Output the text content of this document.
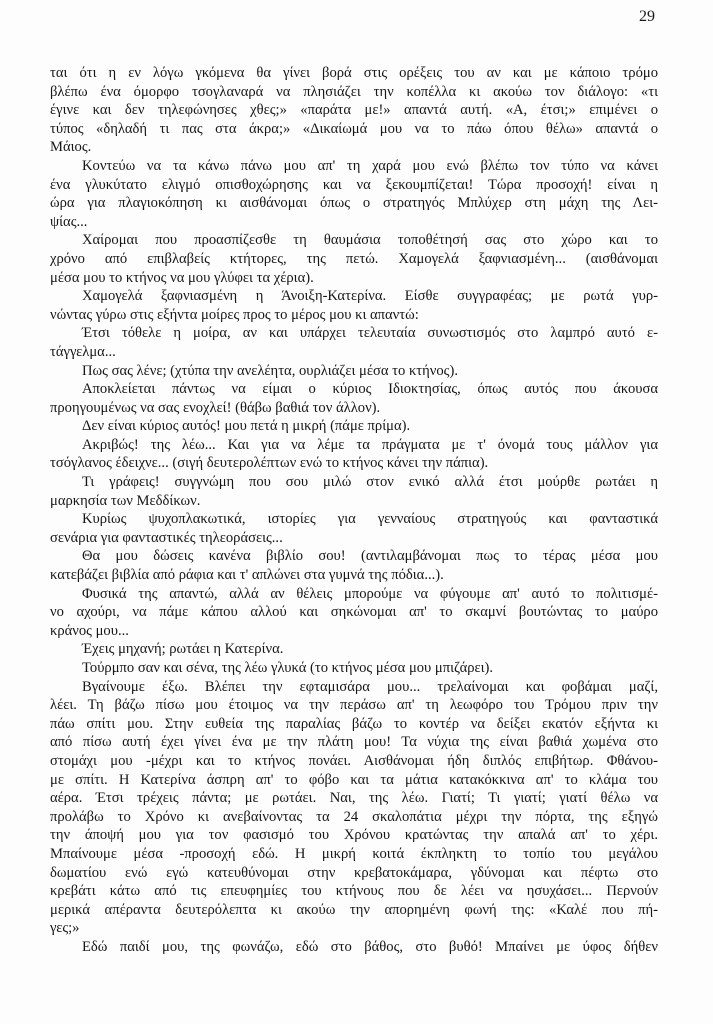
29
ται ότι η εν λόγω γκόμενα θα γίνει βορά στις ορέξεις του αν και με κάποιο τρόμο
βλέπω ένα όμορφο τσογλαναρά να πλησιάζει την κοπέλλα κι ακούω τον διάλογο: «τι
έγινε και δεν τηλεφώνησες χθες;» «παράτα με!» απαντά αυτή. «Α, έτσι;» επιμένει ο
τύπος «δηλαδή τι πας στα άκρα;» «Δικαίωμά μου να το πάω όπου θέλω» απαντά ο
Μάιος.
Κοντεύω να τα κάνω πάνω μου απ' τη χαρά μου ενώ βλέπω τον τύπο να κάνει
ένα γλυκύτατο ελιγμό οπισθοχώρησης και να ξεκουμπίζεται! Τώρα προσοχή! είναι η
ώρα για πλαγιοκόπηση κι αισθάνομαι όπως ο στρατηγός Μπλύχερ στη μάχη της Λει-
ψίας...
Χαίρομαι που προασπίζεσθε τη θαυμάσια τοποθέτησή σας στο χώρο και το
χρόνο από επιβλαβείς κτήτορες, της πετώ. Χαμογελά ξαφνιασμένη... (αισθάνομαι
μέσα μου το κτήνος να μου γλύφει τα χέρια).
Χαμογελά ξαφνιασμένη η Άνοιξη-Κατερίνα. Είσθε συγγραφέας; με ρωτά γυρ-
νώντας γύρω στις εξήντα μοίρες προς το μέρος μου κι απαντώ:
Έτσι τόθελε η μοίρα, αν και υπάρχει τελευταία συνωστισμός στο λαμπρό αυτό ε-
τάγγελμα...
Πως σας λένε; (χτύπα την ανελέητα, ουρλιάζει μέσα το κτήνος).
Αποκλείεται πάντως να είμαι ο κύριος Ιδιοκτησίας, όπως αυτός που άκουσα
προηγουμένως να σας ενοχλεί! (θάβω βαθιά τον άλλον).
Δεν είναι κύριος αυτός! μου πετά η μικρή (πάμε πρίμα).
Ακριβώς! της λέω... Και για να λέμε τα πράγματα με τ' όνομά τους μάλλον για
τσόγλανος έδειχνε... (σιγή δευτερολέπτων ενώ το κτήνος κάνει την πάπια).
Τι γράφεις! συγγνώμη που σου μιλώ στον ενικό αλλά έτσι μούρθε ρωτάει η
μαρκησία των Μεδδίκων.
Κυρίως ψυχοπλακωτικά, ιστορίες για γενναίους στρατηγούς και φανταστικά
σενάρια για φανταστικές τηλεοράσεις...
Θα μου δώσεις κανένα βιβλίο σου! (αντιλαμβάνομαι πως το τέρας μέσα μου
κατεβάζει βιβλία από ράφια και τ' απλώνει στα γυμνά της πόδια...).
Φυσικά της απαντώ, αλλά αν θέλεις μπορούμε να φύγουμε απ' αυτό το πολιτισμέ-
νο αχούρι, να πάμε κάπου αλλού και σηκώνομαι απ' το σκαμνί βουτώντας το μαύρο
κράνος μου...
Έχεις μηχανή; ρωτάει η Κατερίνα.
Τούρμπο σαν και σένα, της λέω γλυκά (το κτήνος μέσα μου μπιζάρει).
Βγαίνουμε έξω. Βλέπει την εφταμισάρα μου... τρελαίνομαι και φοβάμαι μαζί,
λέει. Τη βάζω πίσω μου έτοιμος να την περάσω απ' τη λεωφόρο του Τρόμου πριν την
πάω σπίτι μου. Στην ευθεία της παραλίας βάζω το κοντέρ να δείξει εκατόν εξήντα κι
από πίσω αυτή έχει γίνει ένα με την πλάτη μου! Τα νύχια της είναι βαθιά χωμένα στο
στομάχι μου -μέχρι και το κτήνος πονάει. Αισθάνομαι ήδη διπλός επιβήτωρ. Φθάνου-
με σπίτι. Η Κατερίνα άσπρη απ' το φόβο και τα μάτια κατακόκκινα απ' το κλάμα του
αέρα. Έτσι τρέχεις πάντα; με ρωτάει. Ναι, της λέω. Γιατί; Τι γιατί; γιατί θέλω να
προλάβω το Χρόνο κι ανεβαίνοντας τα 24 σκαλοπάτια μέχρι την πόρτα, της εξηγώ
την άποψή μου για τον φασισμό του Χρόνου κρατώντας την απαλά απ' το χέρι.
Μπαίνουμε μέσα -προσοχή εδώ. Η μικρή κοιτά έκπληκτη το τοπίο του μεγάλου
δωματίου ενώ εγώ κατευθύνομαι στην κρεβατοκάμαρα, γδύνομαι και πέφτω στο
κρεβάτι κάτω από τις επευφημίες του κτήνους που δε λέει να ησυχάσει... Περνούν
μερικά απέραντα δευτερόλεπτα κι ακούω την απορημένη φωνή της: «Καλέ που πή-
γες;»
Εδώ παιδί μου, της φωνάζω, εδώ στο βάθος, στο βυθό! Μπαίνει με ύφος δήθεν
